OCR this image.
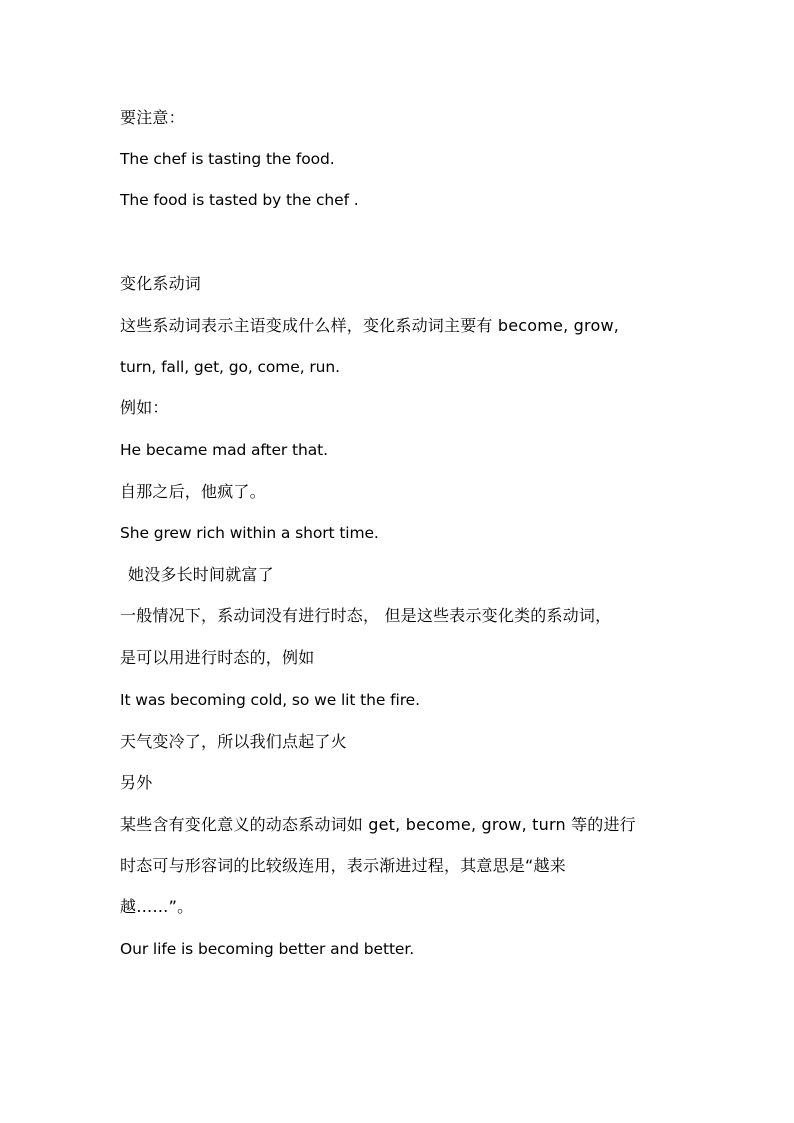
要注意：
The chef is tasting the food.
The food is tasted by the chef .
变化系动词
这些系动词表示主语变成什么样，变化系动词主要有 become, grow,
turn, fall, get, go, come, run.
例如：
He became mad after that.
自那之后，他疯了。
She grew rich within a short time.
她没多长时间就富了
一般情况下，系动词没有进行时态， 但是这些表示变化类的系动词，
是可以用进行时态的，例如
It was becoming cold, so we lit the fire.
天气变冷了，所以我们点起了火
另外
某些含有变化意义的动态系动词如 get, become, grow, turn 等的进行
时态可与形容词的比较级连用，表示渐进过程，其意思是“越来
越……”。
Our life is becoming better and better.
